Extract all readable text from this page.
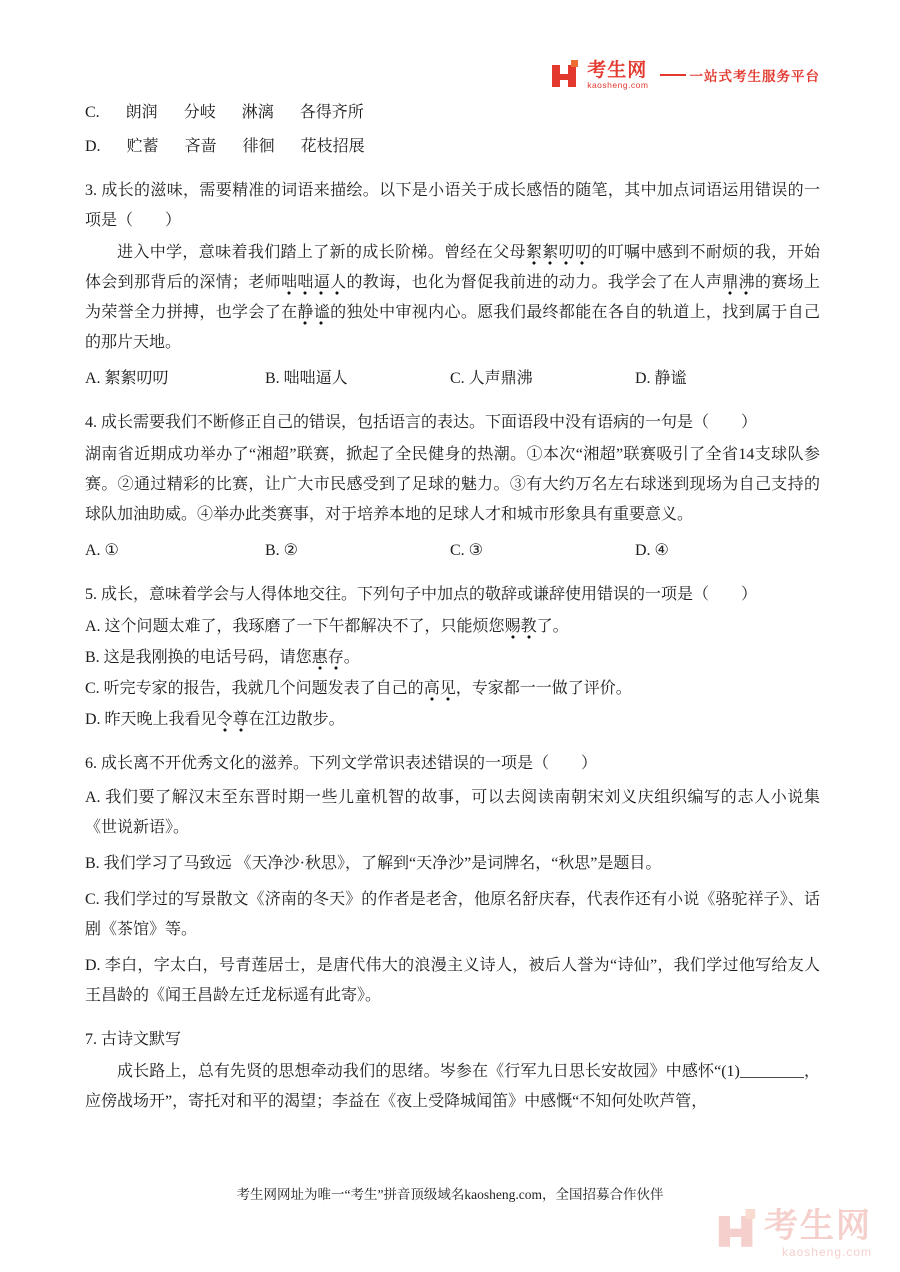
考生网
kaosheng.com
一站式考生服务平台
C. 朗润 分岐 淋漓 各得齐所
D. 贮蓄 吝啬 徘徊 花枝招展

3. 成长的滋味，需要精准的词语来描绘。以下是小语关于成长感悟的随笔，其中加点词语运用错误的一项是（　　）

进入中学，意味着我们踏上了新的成长阶梯。曾经在父母絮絮叨叨的叮嘱中感到不耐烦的我，开始体会到那背后的深情；老师咄咄逼人的教诲，也化为督促我前进的动力。我学会了在人声鼎沸的赛场上为荣誉全力拼搏，也学会了在静谧的独处中审视内心。愿我们最终都能在各自的轨道上，找到属于自己的那片天地。

A. 絮絮叨叨	B. 咄咄逼人	C. 人声鼎沸	D. 静谧

4. 成长需要我们不断修正自己的错误，包括语言的表达。下面语段中没有语病的一句是（　　）

湖南省近期成功举办了“湘超”联赛，掀起了全民健身的热潮。①本次“湘超”联赛吸引了全省14支球队参赛。②通过精彩的比赛，让广大市民感受到了足球的魅力。③有大约万名左右球迷到现场为自己支持的球队加油助威。④举办此类赛事，对于培养本地的足球人才和城市形象具有重要意义。

A. ①	B. ②	C. ③	D. ④

5. 成长，意味着学会与人得体地交往。下列句子中加点的敬辞或谦辞使用错误的一项是（　　）

A. 这个问题太难了，我琢磨了一下午都解决不了，只能烦您赐教了。

B. 这是我刚换的电话号码，请您惠存。

C. 听完专家的报告，我就几个问题发表了自己的高见，专家都一一做了评价。

D. 昨天晚上我看见令尊在江边散步。

6. 成长离不开优秀文化的滋养。下列文学常识表述错误的一项是（　　）

A. 我们要了解汉末至东晋时期一些儿童机智的故事，可以去阅读南朝宋刘义庆组织编写的志人小说集《世说新语》。

B. 我们学习了马致远 《天净沙·秋思》，了解到“天净沙”是词牌名，“秋思”是题目。

C. 我们学过的写景散文《济南的冬天》的作者是老舍，他原名舒庆春，代表作还有小说《骆驼祥子》、话剧《茶馆》等。

D. 李白，字太白，号青莲居士，是唐代伟大的浪漫主义诗人，被后人誉为“诗仙”，我们学过他写给友人王昌龄的《闻王昌龄左迁龙标遥有此寄》。

7. 古诗文默写

成长路上，总有先贤的思想牵动我们的思绪。岑参在《行军九日思长安故园》中感怀“(1)________，应傍战场开”，寄托对和平的渴望；李益在《夜上受降城闻笛》中感慨“不知何处吹芦管，

考生网网址为唯一“考生”拼音顶级域名kaosheng.com，全国招募合作伙伴
考生网
kaosheng.com
